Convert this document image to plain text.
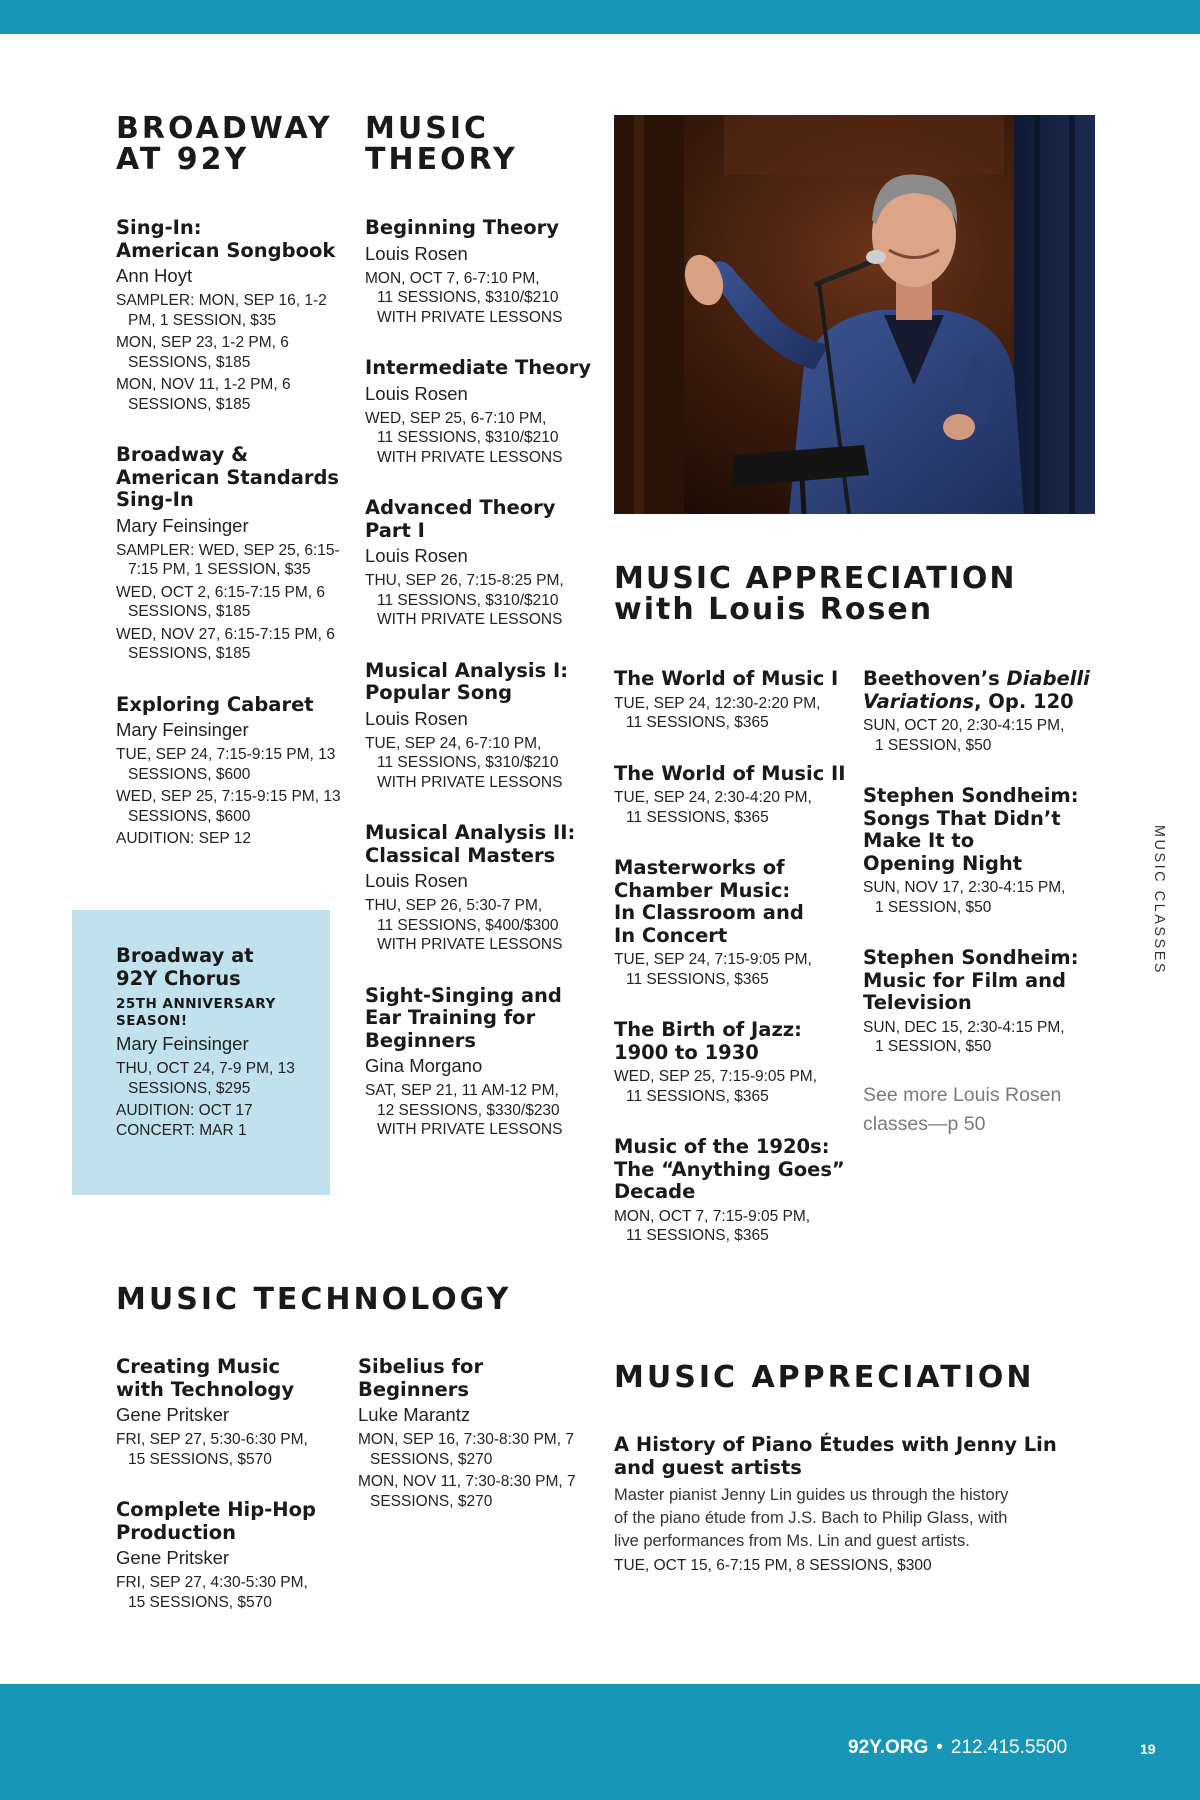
BROADWAY
AT 92Y
Sing-In:
American Songbook
Ann Hoyt
SAMPLER: MON, SEP 16, 1-2 PM, 1 SESSION, $35
MON, SEP 23, 1-2 PM, 6 SESSIONS, $185
MON, NOV 11, 1-2 PM, 6 SESSIONS, $185
Broadway &
American Standards
Sing-In
Mary Feinsinger
SAMPLER: WED, SEP 25, 6:15-7:15 PM, 1 SESSION, $35
WED, OCT 2, 6:15-7:15 PM, 6 SESSIONS, $185
WED, NOV 27, 6:15-7:15 PM, 6 SESSIONS, $185
Exploring Cabaret
Mary Feinsinger
TUE, SEP 24, 7:15-9:15 PM, 13 SESSIONS, $600
WED, SEP 25, 7:15-9:15 PM, 13 SESSIONS, $600
AUDITION: SEP 12
Broadway at
92Y Chorus
25TH ANNIVERSARY SEASON!
Mary Feinsinger
THU, OCT 24, 7-9 PM, 13 SESSIONS, $295
AUDITION: OCT 17
CONCERT: MAR 1
MUSIC
THEORY
Beginning Theory
Louis Rosen
MON, OCT 7, 6-7:10 PM,
11 SESSIONS, $310/$210
WITH PRIVATE LESSONS
Intermediate Theory
Louis Rosen
WED, SEP 25, 6-7:10 PM,
11 SESSIONS, $310/$210
WITH PRIVATE LESSONS
Advanced Theory
Part I
Louis Rosen
THU, SEP 26, 7:15-8:25 PM,
11 SESSIONS, $310/$210
WITH PRIVATE LESSONS
Musical Analysis I:
Popular Song
Louis Rosen
TUE, SEP 24, 6-7:10 PM,
11 SESSIONS, $310/$210
WITH PRIVATE LESSONS
Musical Analysis II:
Classical Masters
Louis Rosen
THU, SEP 26, 5:30-7 PM,
11 SESSIONS, $400/$300
WITH PRIVATE LESSONS
Sight-Singing and
Ear Training for
Beginners
Gina Morgano
SAT, SEP 21, 11 AM-12 PM,
12 SESSIONS, $330/$230
WITH PRIVATE LESSONS
MUSIC APPRECIATION
with Louis Rosen
The World of Music I
TUE, SEP 24, 12:30-2:20 PM,
11 SESSIONS, $365
The World of Music II
TUE, SEP 24, 2:30-4:20 PM,
11 SESSIONS, $365
Masterworks of
Chamber Music:
In Classroom and
In Concert
TUE, SEP 24, 7:15-9:05 PM,
11 SESSIONS, $365
The Birth of Jazz:
1900 to 1930
WED, SEP 25, 7:15-9:05 PM,
11 SESSIONS, $365
Music of the 1920s:
The “Anything Goes”
Decade
MON, OCT 7, 7:15-9:05 PM,
11 SESSIONS, $365
Beethoven’s Diabelli
Variations, Op. 120
SUN, OCT 20, 2:30-4:15 PM,
1 SESSION, $50
Stephen Sondheim:
Songs That Didn’t
Make It to
Opening Night
SUN, NOV 17, 2:30-4:15 PM,
1 SESSION, $50
Stephen Sondheim:
Music for Film and
Television
SUN, DEC 15, 2:30-4:15 PM,
1 SESSION, $50
See more Louis Rosen
classes—p 50
MUSIC TECHNOLOGY
Creating Music
with Technology
Gene Pritsker
FRI, SEP 27, 5:30-6:30 PM,
15 SESSIONS, $570
Complete Hip-Hop
Production
Gene Pritsker
FRI, SEP 27, 4:30-5:30 PM,
15 SESSIONS, $570
Sibelius for
Beginners
Luke Marantz
MON, SEP 16, 7:30-8:30 PM, 7 SESSIONS, $270
MON, NOV 11, 7:30-8:30 PM, 7 SESSIONS, $270
MUSIC APPRECIATION
A History of Piano Études with Jenny Lin
and guest artists
Master pianist Jenny Lin guides us through the history
of the piano étude from J.S. Bach to Philip Glass, with
live performances from Ms. Lin and guest artists.
TUE, OCT 15, 6-7:15 PM, 8 SESSIONS, $300
MUSIC CLASSES
92Y.ORG • 212.415.5500	19
